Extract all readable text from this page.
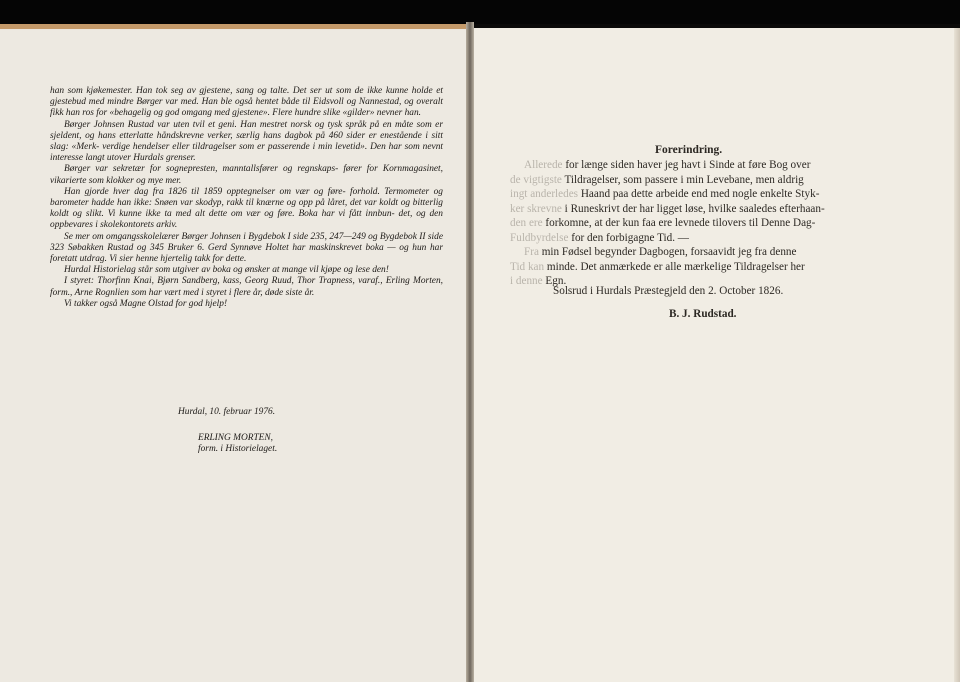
han som kjøkemester. Han tok seg av gjestene, sang og talte. Det ser ut som de ikke kunne holde et gjestebud med mindre Børger var med. Han ble også hentet både til Eidsvoll og Nannestad, og overalt fikk han ros for «behagelig og god omgang med gjestene». Flere hundre slike «gilder» nevner han.

Børger Johnsen Rustad var uten tvil et geni. Han mestret norsk og tysk språk på en måte som er sjeldent, og hans etterlatte håndskrevne verker, særlig hans dagbok på 460 sider er enestående i sitt slag: «Merk- verdige hendelser eller tildragelser som er passerende i min levetid». Den har som nevnt interesse langt utover Hurdals grenser.

Børger var sekretær for sognepresten, manntallsfører og regnskaps- fører for Kornmagasinet, vikarierte som klokker og mye mer.

Han gjorde hver dag fra 1826 til 1859 opptegnelser om vær og føre- forhold. Termometer og barometer hadde han ikke: Snøen var skodyp, rakk til knærne og opp på låret, det var koldt og bitterlig koldt og slikt. Vi kunne ikke ta med alt dette om vær og føre. Boka har vi fått innbun- det, og den oppbevares i skolekontorets arkiv.

Se mer om omgangsskolelærer Børger Johnsen i Bygdebok I side 235, 247—249 og Bygdebok II side 323 Søbakken Rustad og 345 Bruker 6. Gerd Synnøve Holtet har maskinskrevet boka — og hun har foretatt utdrag. Vi sier henne hjertelig takk for dette.

Hurdal Historielag står som utgiver av boka og ønsker at mange vil kjøpe og lese den!

I styret: Thorfinn Knai, Bjørn Sandberg, kass, Georg Ruud, Thor Trapness, varaf., Erling Morten, form., Arne Rognlien som har vært med i styret i flere år, døde siste år.

Vi takker også Magne Olstad for god hjelp!

Hurdal, 10. februar 1976.
ERLING MORTEN,
form. i Historielaget.
Forerindring.
Allerede for længe siden haver jeg havt i Sinde at føre Bog over
de vigtigste Tildragelser, som passere i min Levebane, men aldrig
ingt anderledes Haand paa dette arbeide end med nogle enkelte Styk-
ker skrevne i Runeskrivt der har ligget løse, hvilke saaledes efterhaan-
den ere forkomne, at der kun faa ere levnede tilovers til Denne Dag-
Fuldbyrdelse for den forbigagne Tid. —
Fra min Fødsel begynder Dagbogen, forsaavidt jeg fra denne
Tid kan minde. Det anmærkede er alle mærkelige Tildragelser her
i denne Egn.
Solsrud i Hurdals Præstegjeld den 2. October 1826.
B. J. Rudstad.
